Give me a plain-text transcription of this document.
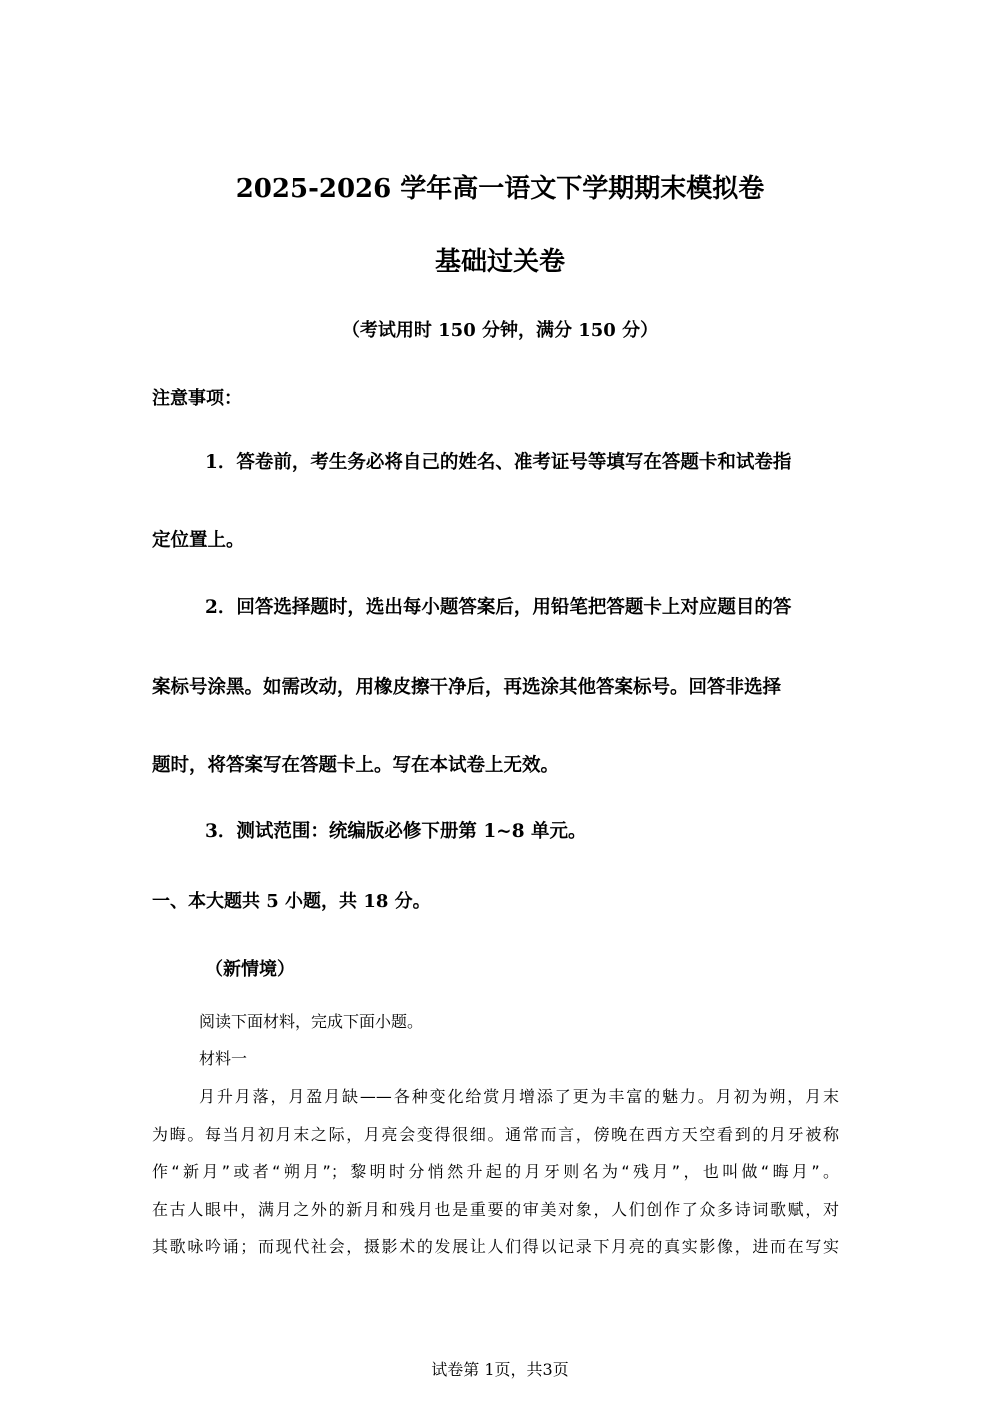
2025-2026 学年高一语文下学期期末模拟卷
基础过关卷
（考试用时 150 分钟，满分 150 分）
注意事项：
1．答卷前，考生务必将自己的姓名、准考证号等填写在答题卡和试卷指
定位置上。
2．回答选择题时，选出每小题答案后，用铅笔把答题卡上对应题目的答
案标号涂黑。如需改动，用橡皮擦干净后，再选涂其他答案标号。回答非选择
题时，将答案写在答题卡上。写在本试卷上无效。
3．测试范围：统编版必修下册第 1~8 单元。
一、本大题共 5 小题，共 18 分。
（新情境）
阅读下面材料，完成下面小题。
材料一
月升月落，月盈月缺——各种变化给赏月增添了更为丰富的魅力。月初为朔，月末
为晦。每当月初月末之际，月亮会变得很细。通常而言，傍晚在西方天空看到的月牙被称
作“新月”或者“朔月”；黎明时分悄然升起的月牙则名为“残月”，也叫做“晦月”。
在古人眼中，满月之外的新月和残月也是重要的审美对象，人们创作了众多诗词歌赋，对
其歌咏吟诵；而现代社会，摄影术的发展让人们得以记录下月亮的真实影像，进而在写实
试卷第 1页，共3页
